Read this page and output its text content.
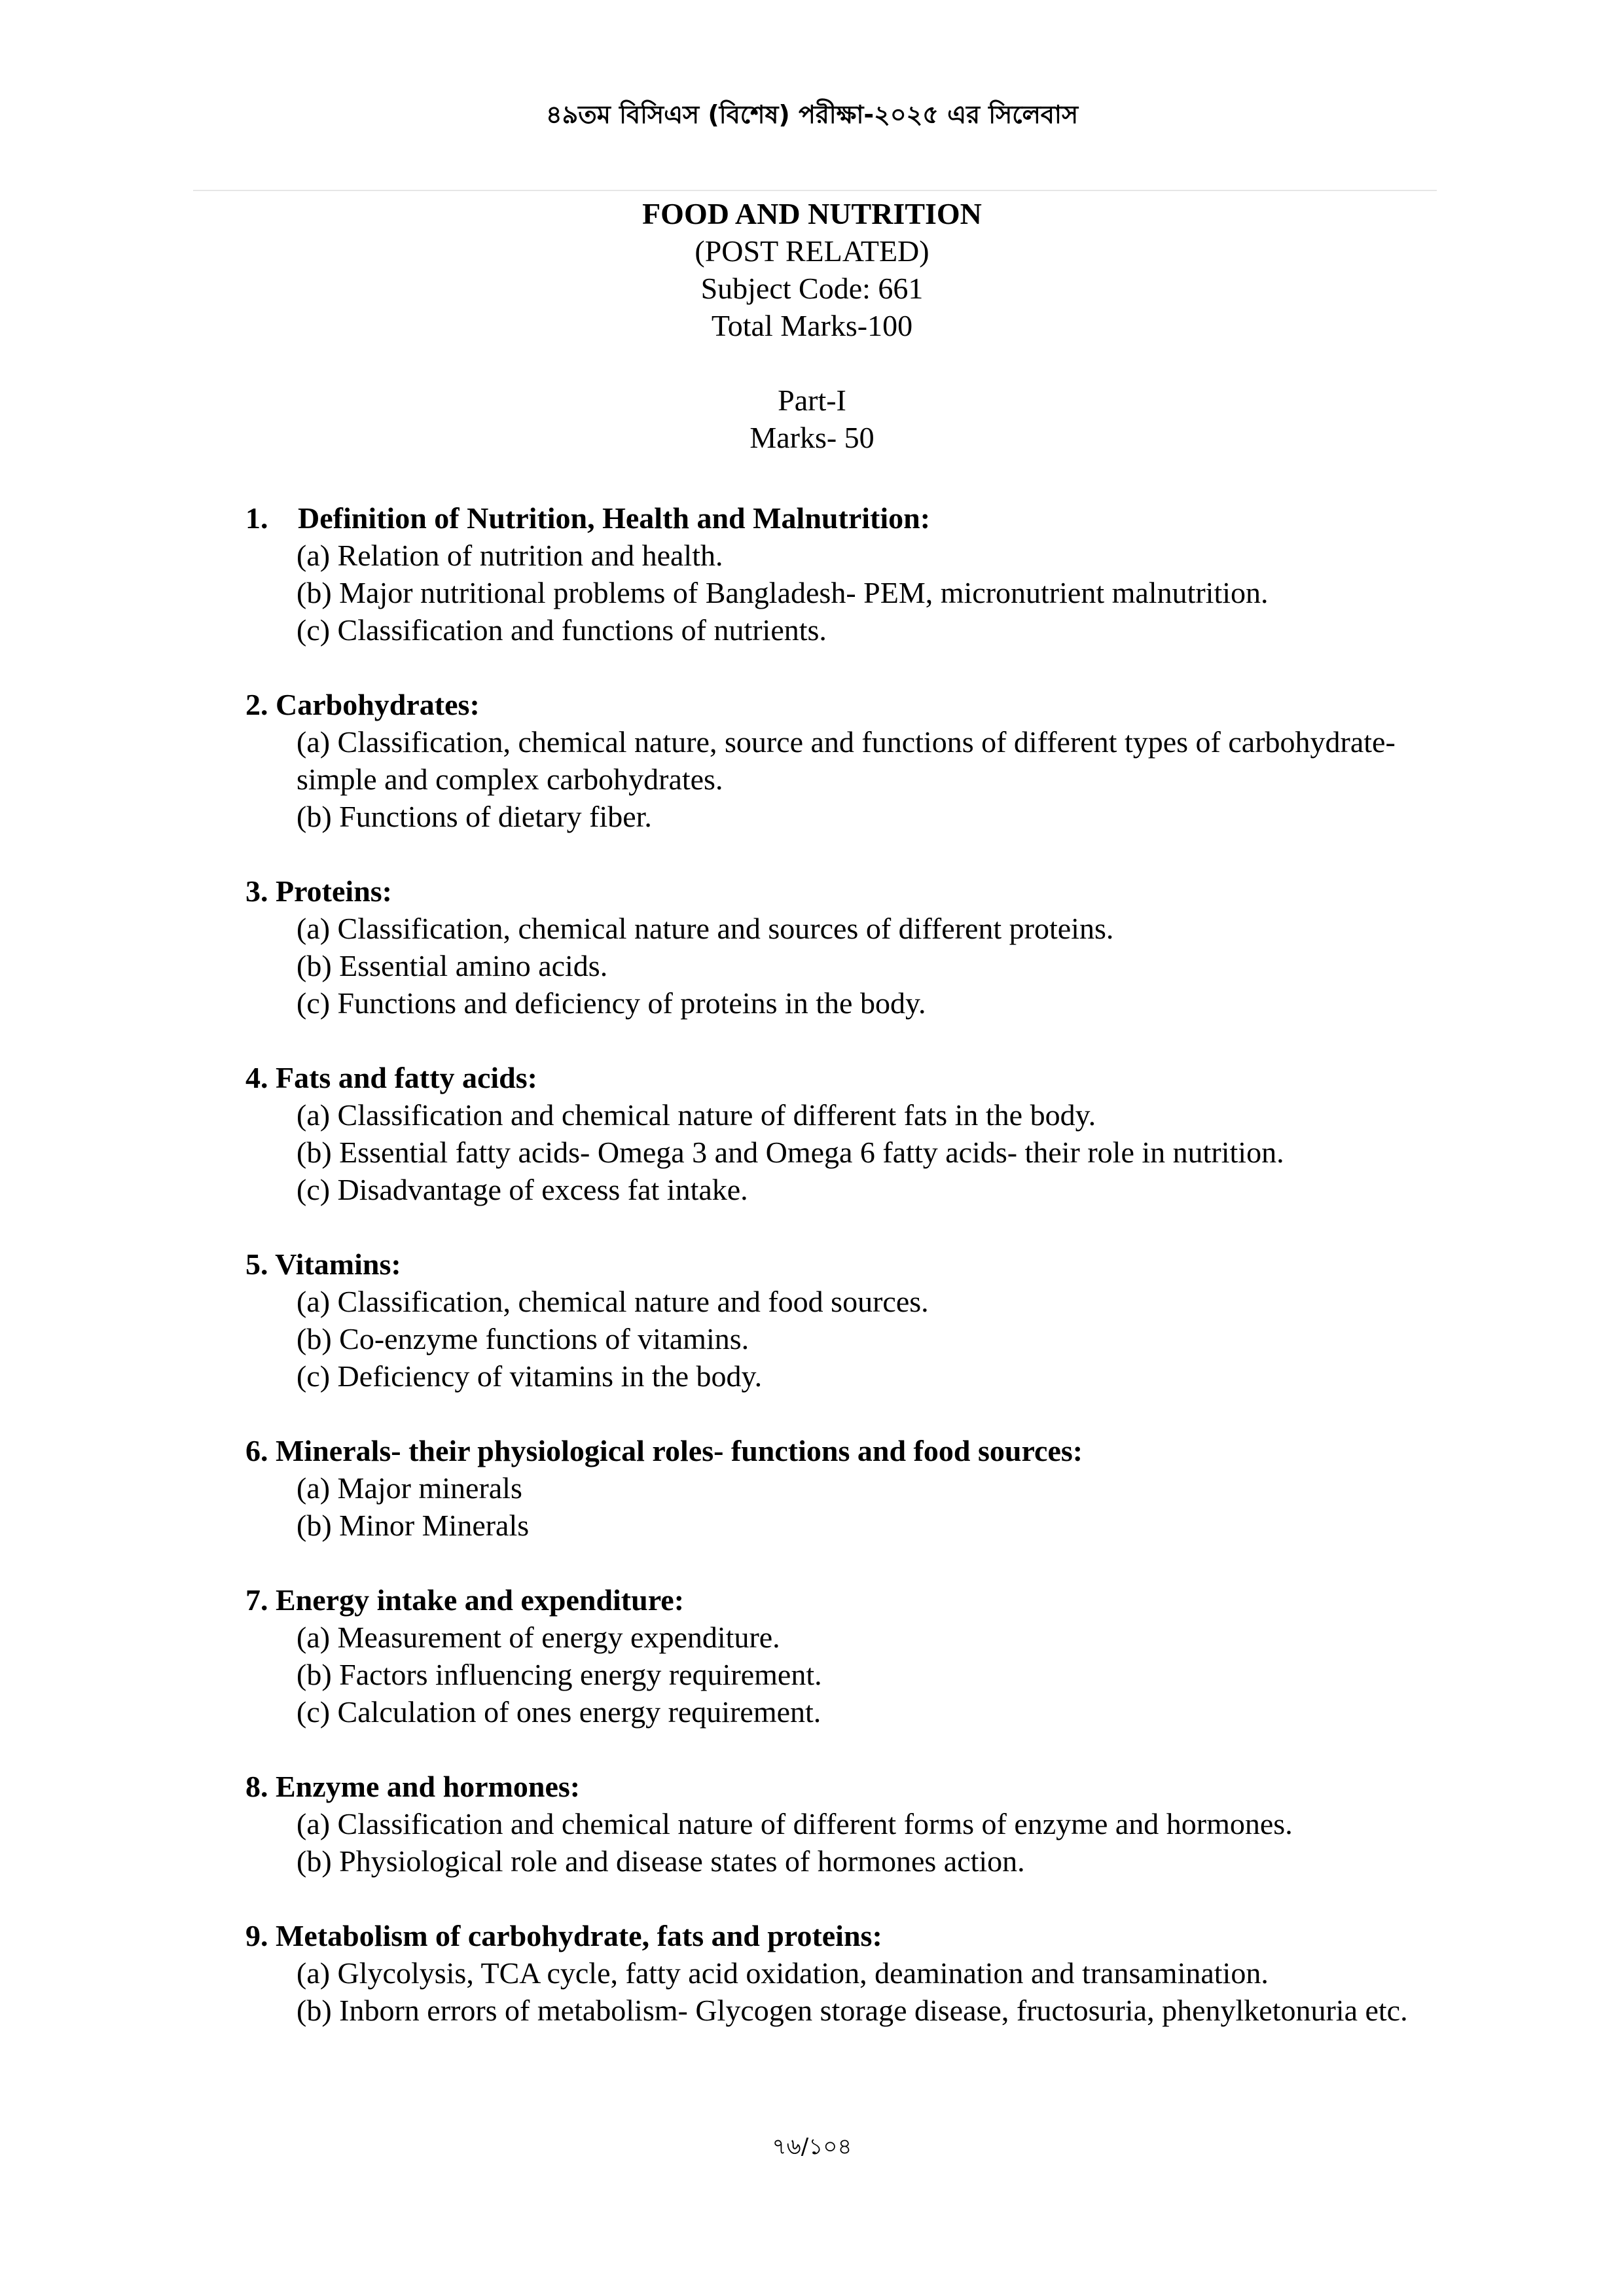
৪৯তম বিসিএস (বিশেষ) পরীক্ষা-২০২৫ এর সিলেবাস
FOOD AND NUTRITION
(POST RELATED)
Subject Code: 661
Total Marks-100
Part-I
Marks- 50
1. Definition of Nutrition, Health and Malnutrition:
(a) Relation of nutrition and health.
(b) Major nutritional problems of Bangladesh- PEM, micronutrient malnutrition.
(c) Classification and functions of nutrients.
2. Carbohydrates:
(a) Classification, chemical nature, source and functions of different types of carbohydrate- simple and complex carbohydrates.
(b) Functions of dietary fiber.
3. Proteins:
(a) Classification, chemical nature and sources of different proteins.
(b) Essential amino acids.
(c) Functions and deficiency of proteins in the body.
4. Fats and fatty acids:
(a) Classification and chemical nature of different fats in the body.
(b) Essential fatty acids- Omega 3 and Omega 6 fatty acids- their role in nutrition.
(c) Disadvantage of excess fat intake.
5. Vitamins:
(a) Classification, chemical nature and food sources.
(b) Co-enzyme functions of vitamins.
(c) Deficiency of vitamins in the body.
6. Minerals- their physiological roles- functions and food sources:
(a) Major minerals
(b) Minor Minerals
7. Energy intake and expenditure:
(a) Measurement of energy expenditure.
(b) Factors influencing energy requirement.
(c) Calculation of ones energy requirement.
8. Enzyme and hormones:
(a) Classification and chemical nature of different forms of enzyme and hormones.
(b) Physiological role and disease states of hormones action.
9. Metabolism of carbohydrate, fats and proteins:
(a) Glycolysis, TCA cycle, fatty acid oxidation, deamination and transamination.
(b) Inborn errors of metabolism- Glycogen storage disease, fructosuria, phenylketonuria etc.
৭৬/১০৪
